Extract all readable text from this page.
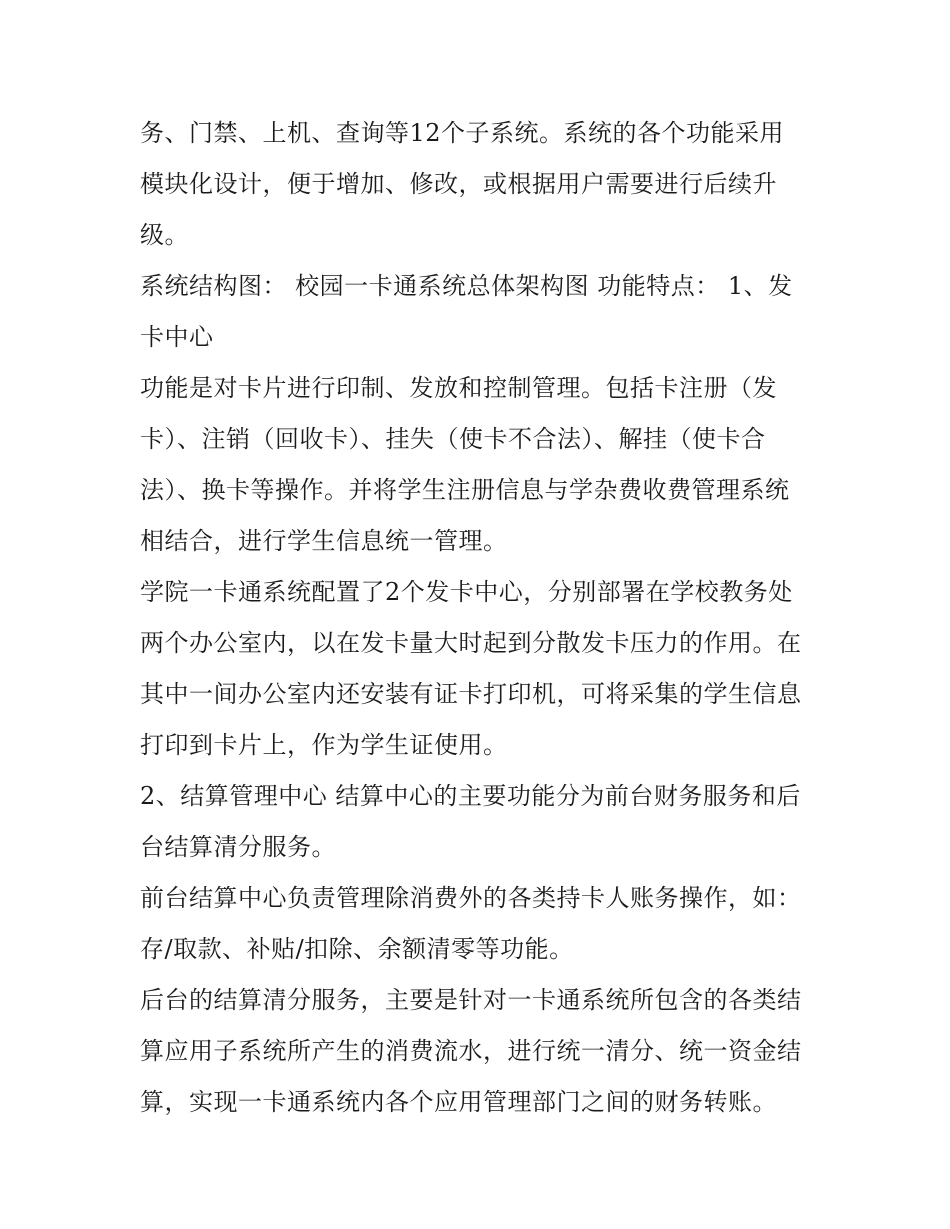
务、门禁、上机、查询等12个子系统。系统的各个功能采用
模块化设计，便于增加、修改，或根据用户需要进行后续升
级。
系统结构图： 校园一卡通系统总体架构图 功能特点： 1、发
卡中心
功能是对卡片进行印制、发放和控制管理。包括卡注册（发
卡）、注销（回收卡）、挂失（使卡不合法）、解挂（使卡合
法）、换卡等操作。并将学生注册信息与学杂费收费管理系统
相结合，进行学生信息统一管理。
学院一卡通系统配置了2个发卡中心，分别部署在学校教务处
两个办公室内，以在发卡量大时起到分散发卡压力的作用。在
其中一间办公室内还安装有证卡打印机，可将采集的学生信息
打印到卡片上，作为学生证使用。
2、结算管理中心 结算中心的主要功能分为前台财务服务和后
台结算清分服务。
前台结算中心负责管理除消费外的各类持卡人账务操作，如：
存/取款、补贴/扣除、余额清零等功能。
后台的结算清分服务，主要是针对一卡通系统所包含的各类结
算应用子系统所产生的消费流水，进行统一清分、统一资金结
算，实现一卡通系统内各个应用管理部门之间的财务转账。
